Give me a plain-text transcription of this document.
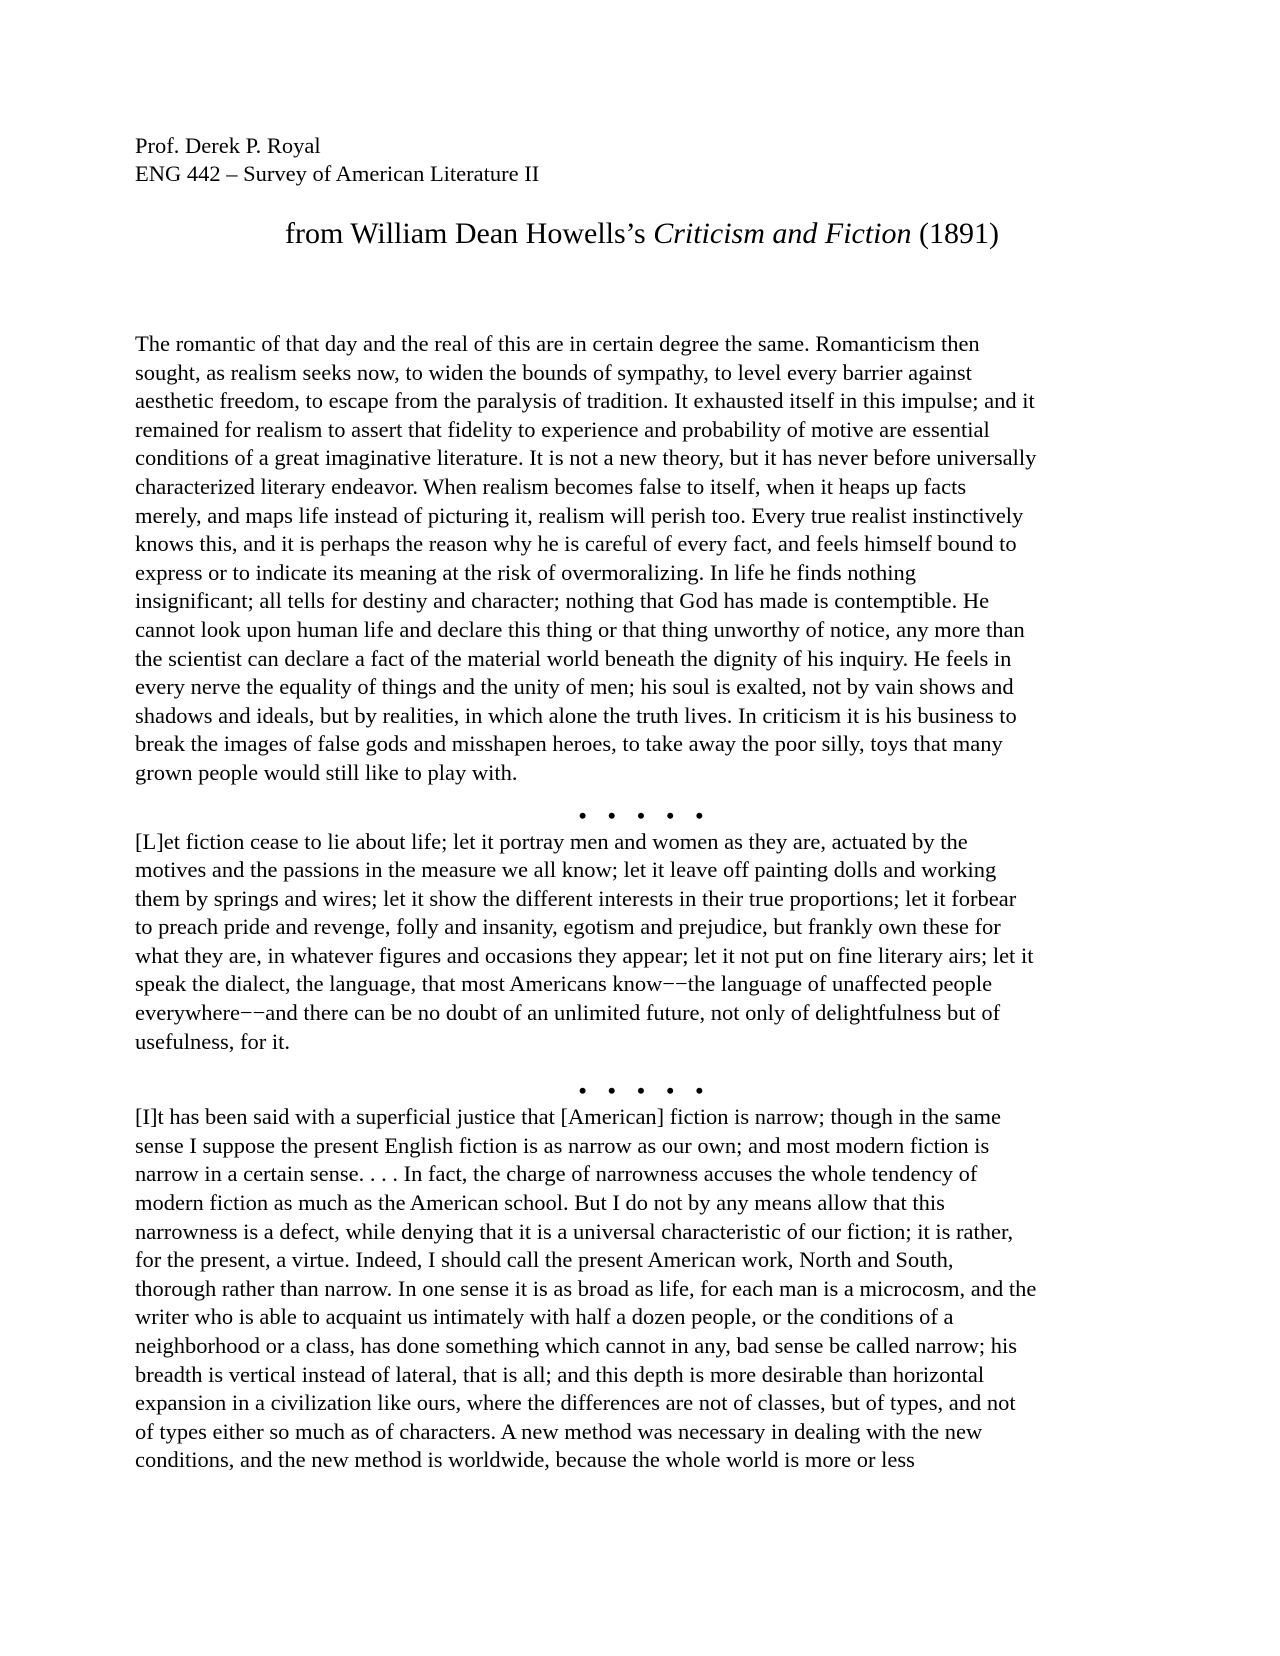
Prof. Derek P. Royal
ENG 442 – Survey of American Literature II
from William Dean Howells’s Criticism and Fiction (1891)
The romantic of that day and the real of this are in certain degree the same. Romanticism then
sought, as realism seeks now, to widen the bounds of sympathy, to level every barrier against
aesthetic freedom, to escape from the paralysis of tradition. It exhausted itself in this impulse; and it
remained for realism to assert that fidelity to experience and probability of motive are essential
conditions of a great imaginative literature. It is not a new theory, but it has never before universally
characterized literary endeavor. When realism becomes false to itself, when it heaps up facts
merely, and maps life instead of picturing it, realism will perish too. Every true realist instinctively
knows this, and it is perhaps the reason why he is careful of every fact, and feels himself bound to
express or to indicate its meaning at the risk of overmoralizing. In life he finds nothing
insignificant; all tells for destiny and character; nothing that God has made is contemptible. He
cannot look upon human life and declare this thing or that thing unworthy of notice, any more than
the scientist can declare a fact of the material world beneath the dignity of his inquiry. He feels in
every nerve the equality of things and the unity of men; his soul is exalted, not by vain shows and
shadows and ideals, but by realities, in which alone the truth lives. In criticism it is his business to
break the images of false gods and misshapen heroes, to take away the poor silly, toys that many
grown people would still like to play with.
• • • • •
[L]et fiction cease to lie about life; let it portray men and women as they are, actuated by the
motives and the passions in the measure we all know; let it leave off painting dolls and working
them by springs and wires; let it show the different interests in their true proportions; let it forbear
to preach pride and revenge, folly and insanity, egotism and prejudice, but frankly own these for
what they are, in whatever figures and occasions they appear; let it not put on fine literary airs; let it
speak the dialect, the language, that most Americans know−−the language of unaffected people
everywhere−−and there can be no doubt of an unlimited future, not only of delightfulness but of
usefulness, for it.
• • • • •
[I]t has been said with a superficial justice that [American] fiction is narrow; though in the same
sense I suppose the present English fiction is as narrow as our own; and most modern fiction is
narrow in a certain sense. . . . In fact, the charge of narrowness accuses the whole tendency of
modern fiction as much as the American school. But I do not by any means allow that this
narrowness is a defect, while denying that it is a universal characteristic of our fiction; it is rather,
for the present, a virtue. Indeed, I should call the present American work, North and South,
thorough rather than narrow. In one sense it is as broad as life, for each man is a microcosm, and the
writer who is able to acquaint us intimately with half a dozen people, or the conditions of a
neighborhood or a class, has done something which cannot in any, bad sense be called narrow; his
breadth is vertical instead of lateral, that is all; and this depth is more desirable than horizontal
expansion in a civilization like ours, where the differences are not of classes, but of types, and not
of types either so much as of characters. A new method was necessary in dealing with the new
conditions, and the new method is worldwide, because the whole world is more or less
